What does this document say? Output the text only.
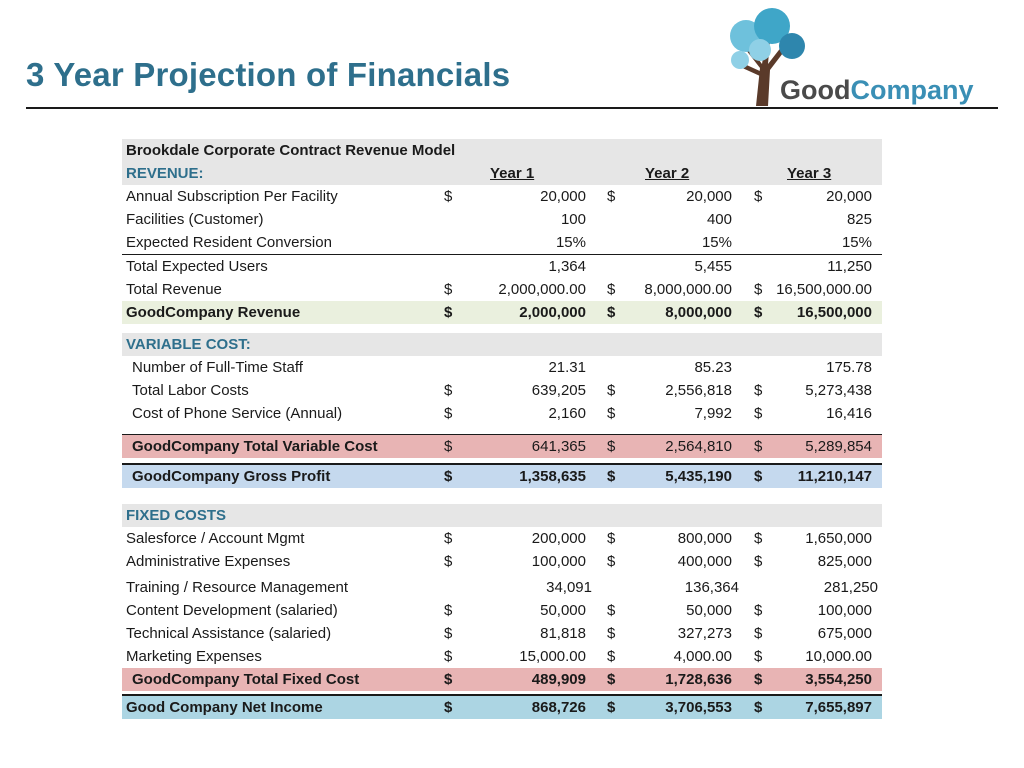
3 Year Projection of Financials	GoodCompany
Brookdale Corporate Contract Revenue Model
REVENUE:	Year 1	Year 2	Year 3
Annual Subscription Per Facility	$	20,000 $	20,000 $	20,000
Facilities (Customer)	100	400	825
Expected Resident Conversion	15%	15%	15%
Total Expected Users	1,364	5,455	11,250
Total Revenue	$	2,000,000.00 $ 8,000,000.00 $ 16,500,000.00
GoodCompany Revenue	$	2,000,000 $	8,000,000 $ 16,500,000
VARIABLE COST:
Number of Full-Time Staff	21.31	85.23	175.78
Total Labor Costs	$	639,205 $	2,556,818 $	5,273,438
Cost of Phone Service (Annual)	$	2,160 $	7,992 $	16,416
GoodCompany Total Variable Cost	$	641,365 $	2,564,810 $	5,289,854
GoodCompany Gross Profit	$	1,358,635 $	5,435,190 $ 11,210,147
FIXED COSTS
Salesforce / Account Mgmt	$	200,000 $	800,000 $	1,650,000
Administrative Expenses	$	100,000 $	400,000 $	825,000
Training / Resource Management	34,091	136,364	281,250
Content Development (salaried)	$	50,000 $	50,000 $	100,000
Technical Assistance (salaried)	$	81,818 $	327,273 $	675,000
Marketing Expenses	$	15,000.00 $	4,000.00 $	10,000.00
GoodCompany Total Fixed Cost	$	489,909 $	1,728,636 $	3,554,250
Good Company Net Income	$	868,726 $	3,706,553 $	7,655,897
